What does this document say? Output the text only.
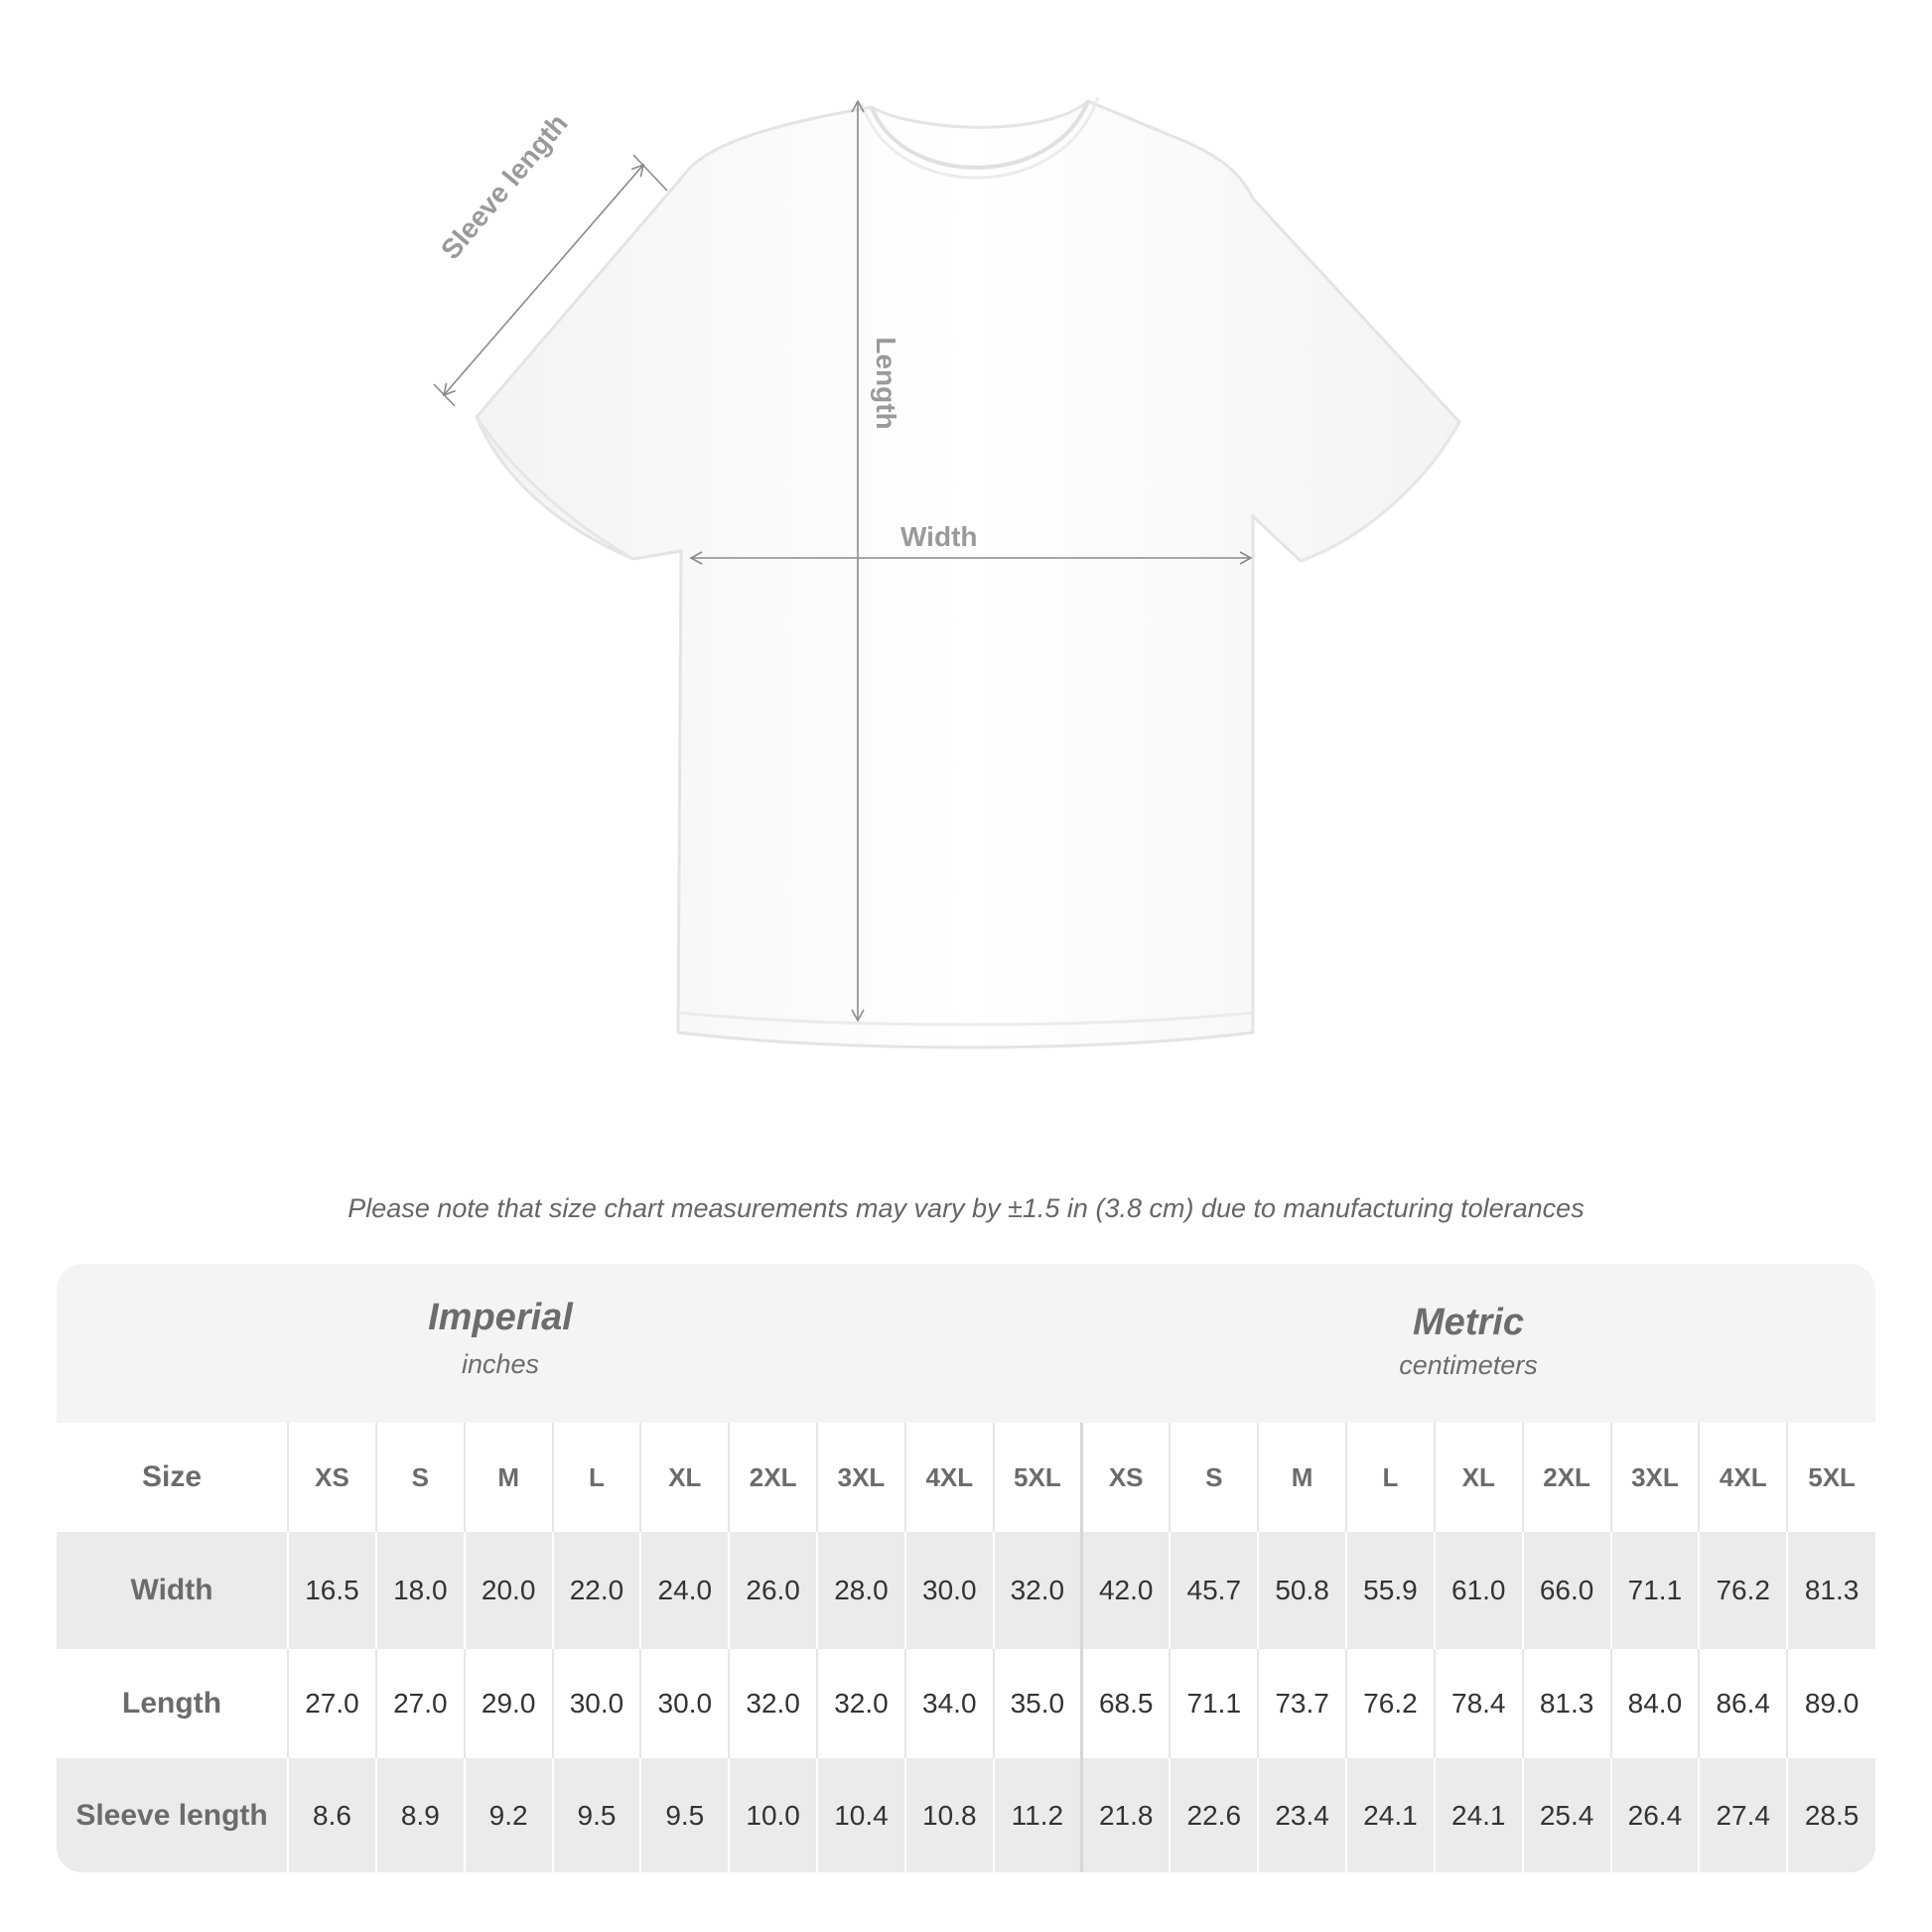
Sleeve length
Length
Width
Please note that size chart measurements may vary by ±1.5 in (3.8 cm) due to manufacturing tolerances
Imperial
inches
Metric
centimeters
Size	XS	S	M	L	XL	2XL	3XL	4XL	5XL	XS	S	M	L	XL	2XL	3XL	4XL	5XL
Width	16.5	18.0	20.0	22.0	24.0	26.0	28.0	30.0	32.0	42.0	45.7	50.8	55.9	61.0	66.0	71.1	76.2	81.3
Length	27.0	27.0	29.0	30.0	30.0	32.0	32.0	34.0	35.0	68.5	71.1	73.7	76.2	78.4	81.3	84.0	86.4	89.0
Sleeve length	8.6	8.9	9.2	9.5	9.5	10.0	10.4	10.8	11.2	21.8	22.6	23.4	24.1	24.1	25.4	26.4	27.4	28.5
